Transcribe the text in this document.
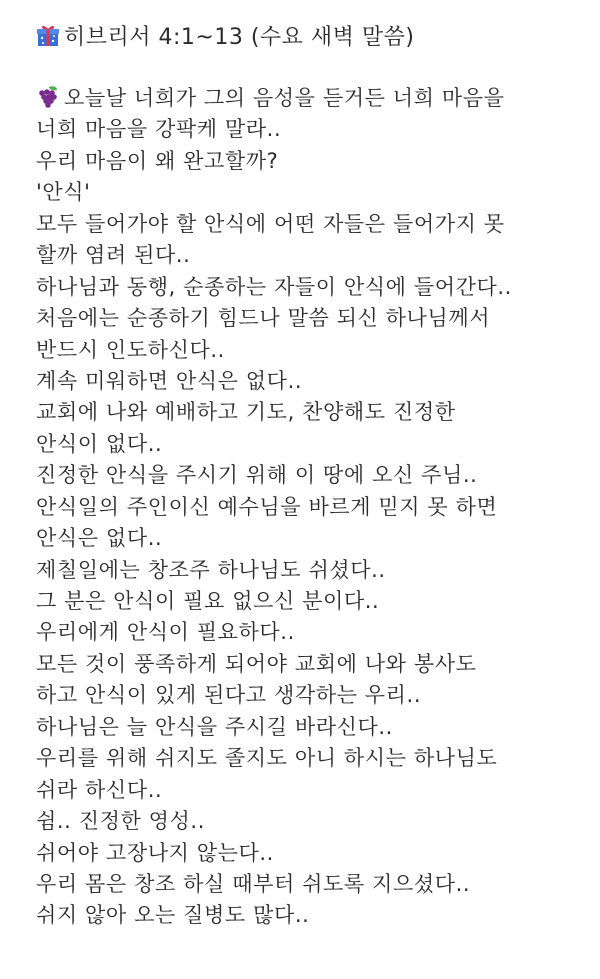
히브리서 4:1~13 (수요 새벽 말씀)
오늘날 너희가 그의 음성을 듣거든 너희 마음을
너희 마음을 강팍케 말라..
우리 마음이 왜 완고할까?
'안식'
모두 들어가야 할 안식에 어떤 자들은 들어가지 못
할까 염려 된다..
하나님과 동행, 순종하는 자들이 안식에 들어간다..
처음에는 순종하기 힘드나 말씀 되신 하나님께서
반드시 인도하신다..
계속 미워하면 안식은 없다..
교회에 나와 예배하고 기도, 찬양해도 진정한
안식이 없다..
진정한 안식을 주시기 위해 이 땅에 오신 주님..
안식일의 주인이신 예수님을 바르게 믿지 못 하면
안식은 없다..
제칠일에는 창조주 하나님도 쉬셨다..
그 분은 안식이 필요 없으신 분이다..
우리에게 안식이 필요하다..
모든 것이 풍족하게 되어야 교회에 나와 봉사도
하고 안식이 있게 된다고 생각하는 우리..
하나님은 늘 안식을 주시길 바라신다..
우리를 위해 쉬지도 졸지도 아니 하시는 하나님도
쉬라 하신다..
쉼.. 진정한 영성..
쉬어야 고장나지 않는다..
우리 몸은 창조 하실 때부터 쉬도록 지으셨다..
쉬지 않아 오는 질병도 많다..
